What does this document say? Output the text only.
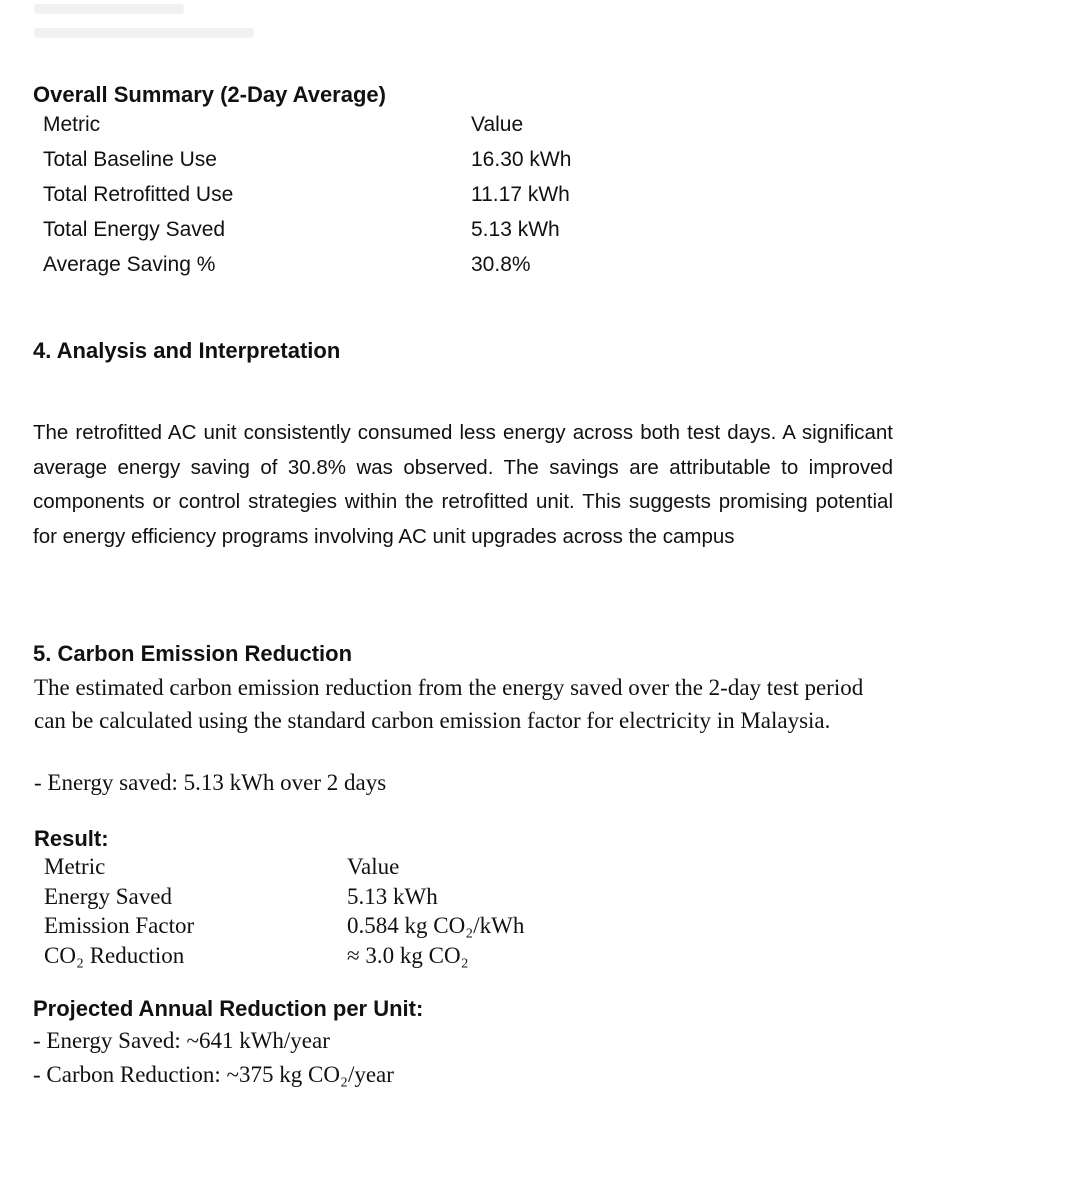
Overall Summary (2-Day Average)
Metric	Value
Total Baseline Use	16.30 kWh
Total Retrofitted Use	11.17 kWh
Total Energy Saved	5.13 kWh
Average Saving %	30.8%
4. Analysis and Interpretation

The retrofitted AC unit consistently consumed less energy across both test days. A significant average energy saving of 30.8% was observed. The savings are attributable to improved components or control strategies within the retrofitted unit. This suggests promising potential for energy efficiency programs involving AC unit upgrades across the campus

5. Carbon Emission Reduction

The estimated carbon emission reduction from the energy saved over the 2-day test period can be calculated using the standard carbon emission factor for electricity in Malaysia.

- Energy saved: 5.13 kWh over 2 days
Result:
Metric	Value
Energy Saved	5.13 kWh
Emission Factor	0.584 kg CO₂/kWh
CO₂ Reduction	≈ 3.0 kg CO₂
Projected Annual Reduction per Unit:
- Energy Saved: ~641 kWh/year
- Carbon Reduction: ~375 kg CO₂/year
